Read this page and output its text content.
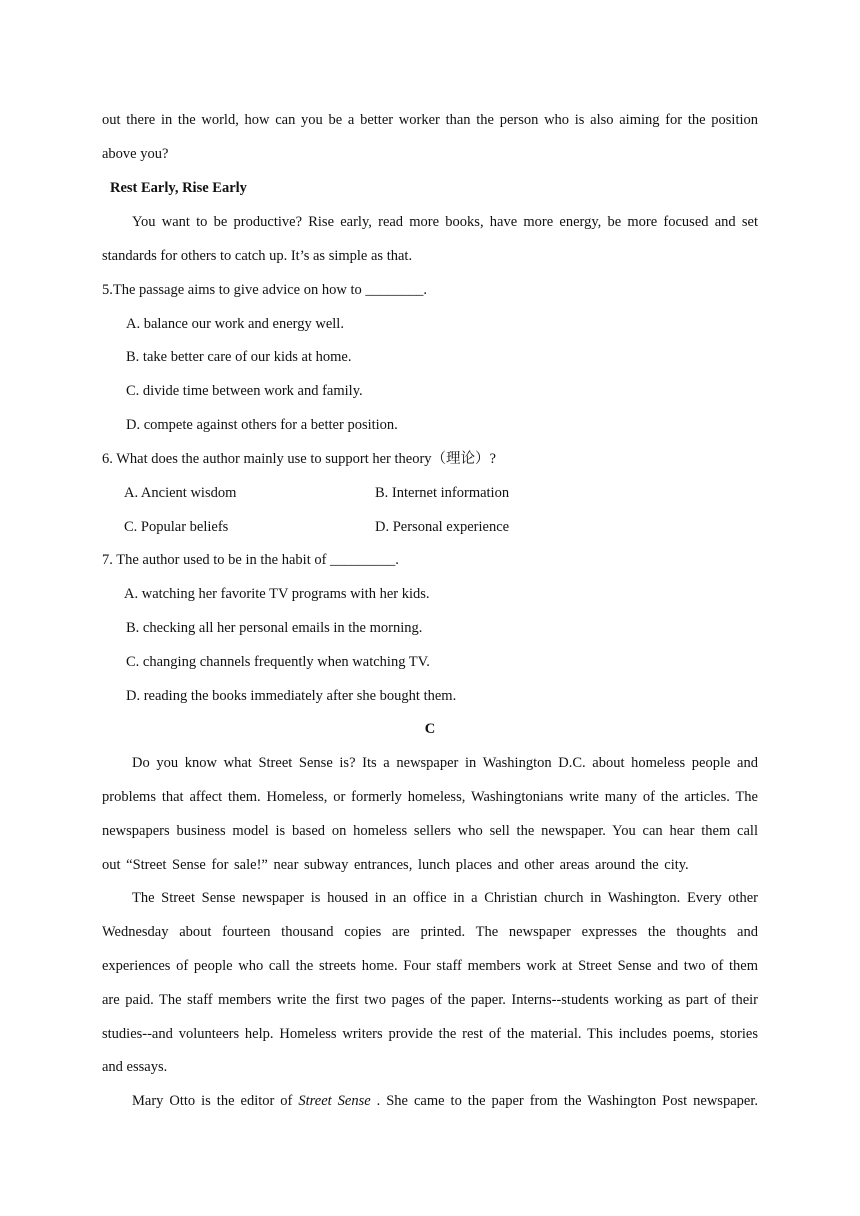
out there in the world, how can you be a better worker than the person who is also aiming for the position
above you?
Rest Early, Rise Early
You want to be productive? Rise early, read more books, have more energy, be more focused and set
standards for others to catch up. It’s as simple as that.
5.The passage aims to give advice on how to ________.
A. balance our work and energy well.
B. take better care of our kids at home.
C. divide time between work and family.
D. compete against others for a better position.
6. What does the author mainly use to support her theory（理论）?
A. Ancient wisdom	B. Internet information
C. Popular beliefs	D. Personal experience
7. The author used to be in the habit of _________.
A. watching her favorite TV programs with her kids.
B. checking all her personal emails in the morning.
C. changing channels frequently when watching TV.
D. reading the books immediately after she bought them.
C
Do you know what Street Sense is? Its a newspaper in Washington D.C. about homeless people and
problems that affect them. Homeless, or formerly homeless, Washingtonians write many of the articles. The
newspapers business model is based on homeless sellers who sell the newspaper. You can hear them call
out “Street Sense for sale!” near subway entrances, lunch places and other areas around the city.
The Street Sense newspaper is housed in an office in a Christian church in Washington. Every other
Wednesday about fourteen thousand copies are printed. The newspaper expresses the thoughts and
experiences of people who call the streets home. Four staff members work at Street Sense and two of them
are paid. The staff members write the first two pages of the paper. Interns--students working as part of their
studies--and volunteers help. Homeless writers provide the rest of the material. This includes poems, stories
and essays.
Mary Otto is the editor of Street Sense . She came to the paper from the Washington Post newspaper.
